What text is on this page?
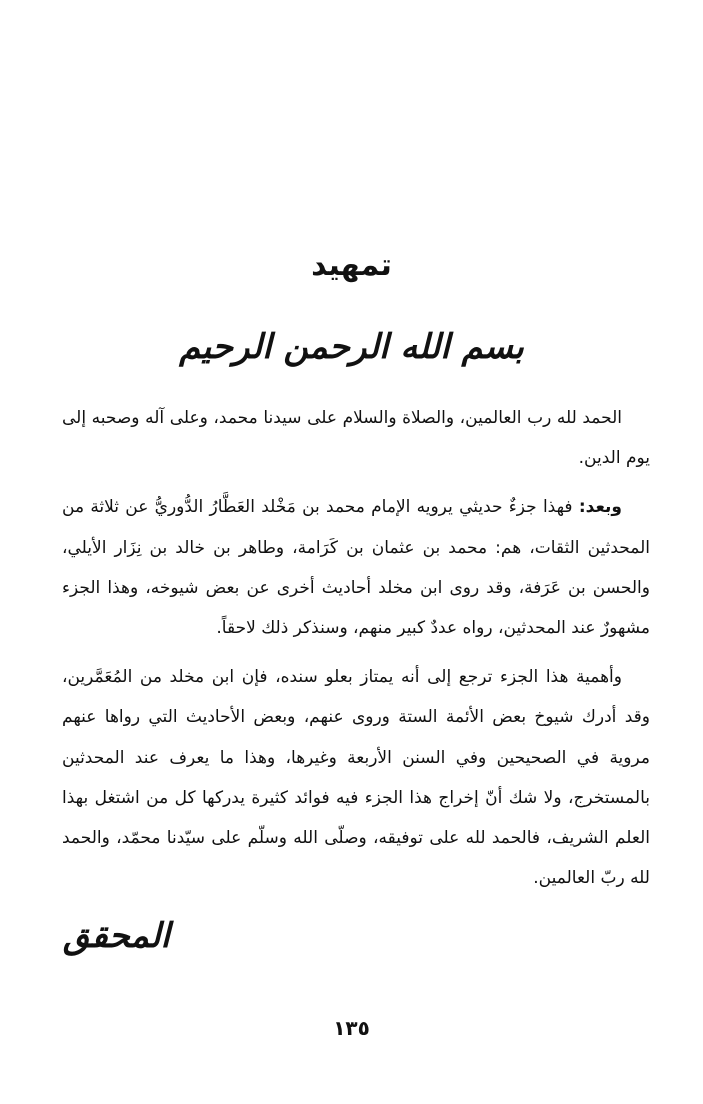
تمهيد
بسم الله الرحمن الرحيم

الحمد لله رب العالمين، والصلاة والسلام على سيدنا محمد، وعلى آله وصحبه إلى يوم الدين.

وبعد: فهذا جزءٌ حديثي يرويه الإمام محمد بن مَخْلد العَطَّارُ الدُّوريُّ عن ثلاثة من المحدثين الثقات، هم: محمد بن عثمان بن كَرَامة، وطاهر بن خالد بن نِزَار الأيلي، والحسن بن عَرَفة، وقد روى ابن مخلد أحاديث أخرى عن بعض شيوخه، وهذا الجزء مشهورٌ عند المحدثين، رواه عددٌ كبير منهم، وسنذكر ذلك لاحقاً.

وأهمية هذا الجزء ترجع إلى أنه يمتاز بعلو سنده، فإن ابن مخلد من المُعَمَّرين، وقد أدرك شيوخ بعض الأئمة الستة وروى عنهم، وبعض الأحاديث التي رواها عنهم مروية في الصحيحين وفي السنن الأربعة وغيرها، وهذا ما يعرف عند المحدثين بالمستخرج، ولا شك أنّ إخراج هذا الجزء فيه فوائد كثيرة يدركها كل من اشتغل بهذا العلم الشريف، فالحمد لله على توفيقه، وصلّى الله وسلّم على سيّدنا محمّد، والحمد لله ربّ العالمين.

المحقق
١٣٥
